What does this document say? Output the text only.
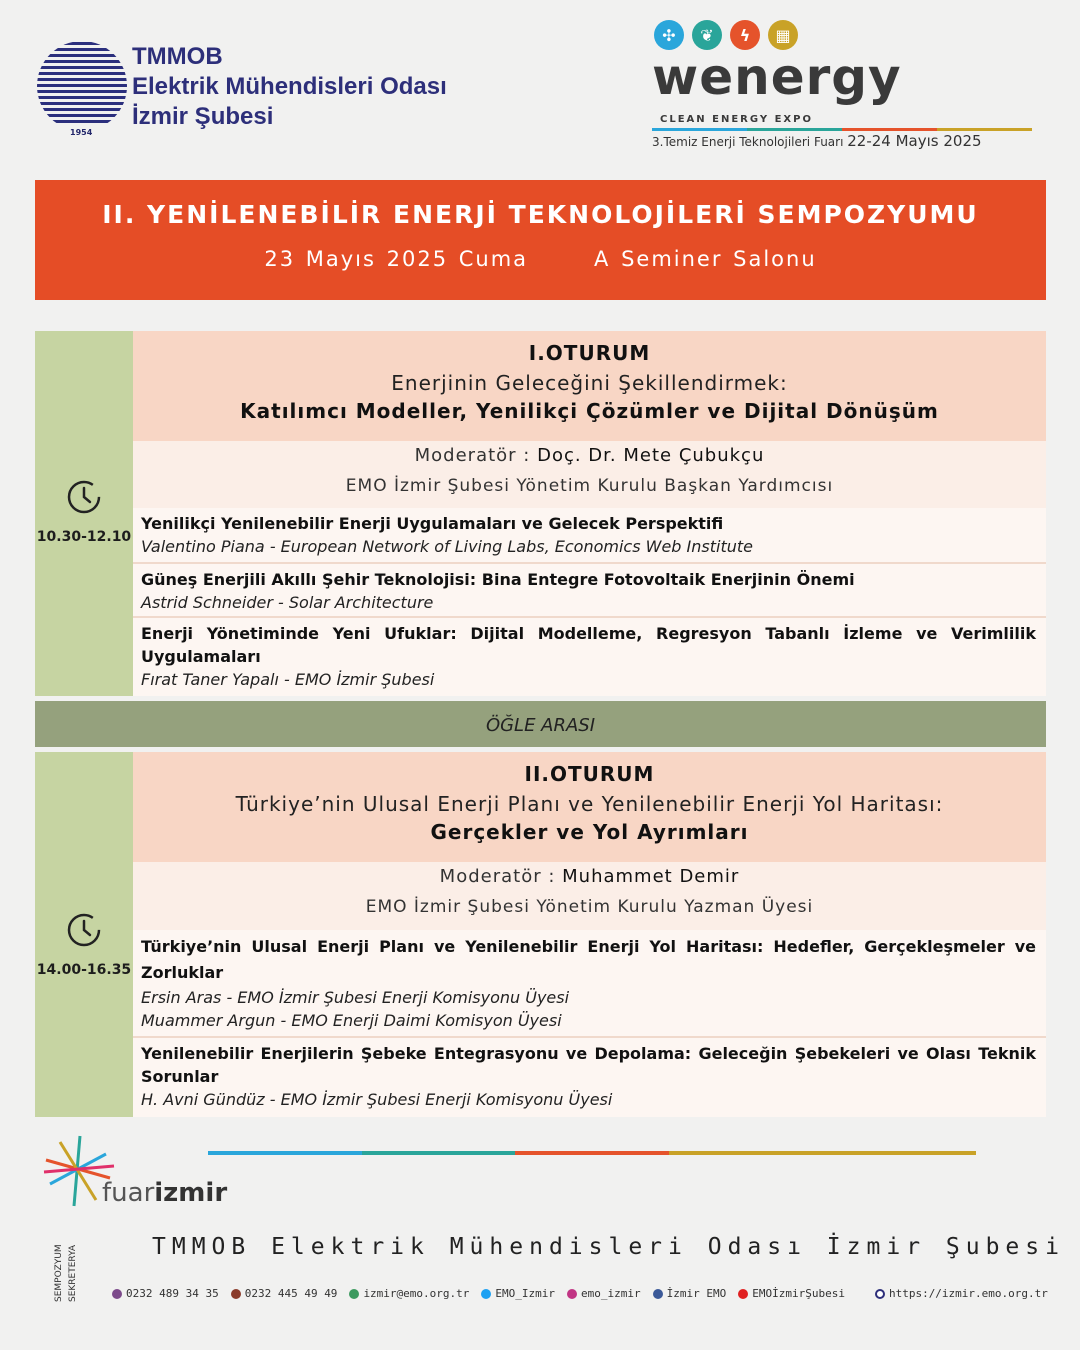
1954
TMMOB
Elektrik Mühendisleri Odası
İzmir Şubesi
✣	❦	ϟ	▦
wenergy
CLEAN ENERGY EXPO
3.Temiz Enerji Teknolojileri Fuarı 22-24 Mayıs 2025
II. YENİLENEBİLİR ENERJİ TEKNOLOJİLERİ SEMPOZYUMU
23 Mayıs 2025 Cuma	A Seminer Salonu
10.30-12.10
I.OTURUM
Enerjinin Geleceğini Şekillendirmek:
Katılımcı Modeller, Yenilikçi Çözümler ve Dijital Dönüşüm
Moderatör : Doç. Dr. Mete Çubukçu
EMO İzmir Şubesi Yönetim Kurulu Başkan Yardımcısı
Yenilikçi Yenilenebilir Enerji Uygulamaları ve Gelecek Perspektifi
Valentino Piana - European Network of Living Labs, Economics Web Institute
Güneş Enerjili Akıllı Şehir Teknolojisi: Bina Entegre Fotovoltaik Enerjinin Önemi
Astrid Schneider - Solar Architecture
Enerji Yönetiminde Yeni Ufuklar: Dijital Modelleme, Regresyon Tabanlı İzleme ve Verimlilik Uygulamaları
Fırat Taner Yapalı - EMO İzmir Şubesi
ÖĞLE ARASI
14.00-16.35
II.OTURUM
Türkiye’nin Ulusal Enerji Planı ve Yenilenebilir Enerji Yol Haritası:
Gerçekler ve Yol Ayrımları
Moderatör : Muhammet Demir
EMO İzmir Şubesi Yönetim Kurulu Yazman Üyesi
Türkiye’nin Ulusal Enerji Planı ve Yenilenebilir Enerji Yol Haritası: Hedefler, Gerçekleşmeler ve Zorluklar
Ersin Aras - EMO İzmir Şubesi Enerji Komisyonu Üyesi
Muammer Argun - EMO Enerji Daimi Komisyon Üyesi
Yenilenebilir Enerjilerin Şebeke Entegrasyonu ve Depolama: Geleceğin Şebekeleri ve Olası Teknik Sorunlar
H. Avni Gündüz - EMO İzmir Şubesi Enerji Komisyonu Üyesi
fuarizmir
SEMPOZYUM SEKRETERYA	TMMOB Elektrik Mühendisleri Odası İzmir Şubesi
0232 489 34 35 0232 445 49 49 izmir@emo.org.tr EMO_Izmir emo_izmir İzmir EMO EMOİzmirŞubesi	https://izmir.emo.org.tr
